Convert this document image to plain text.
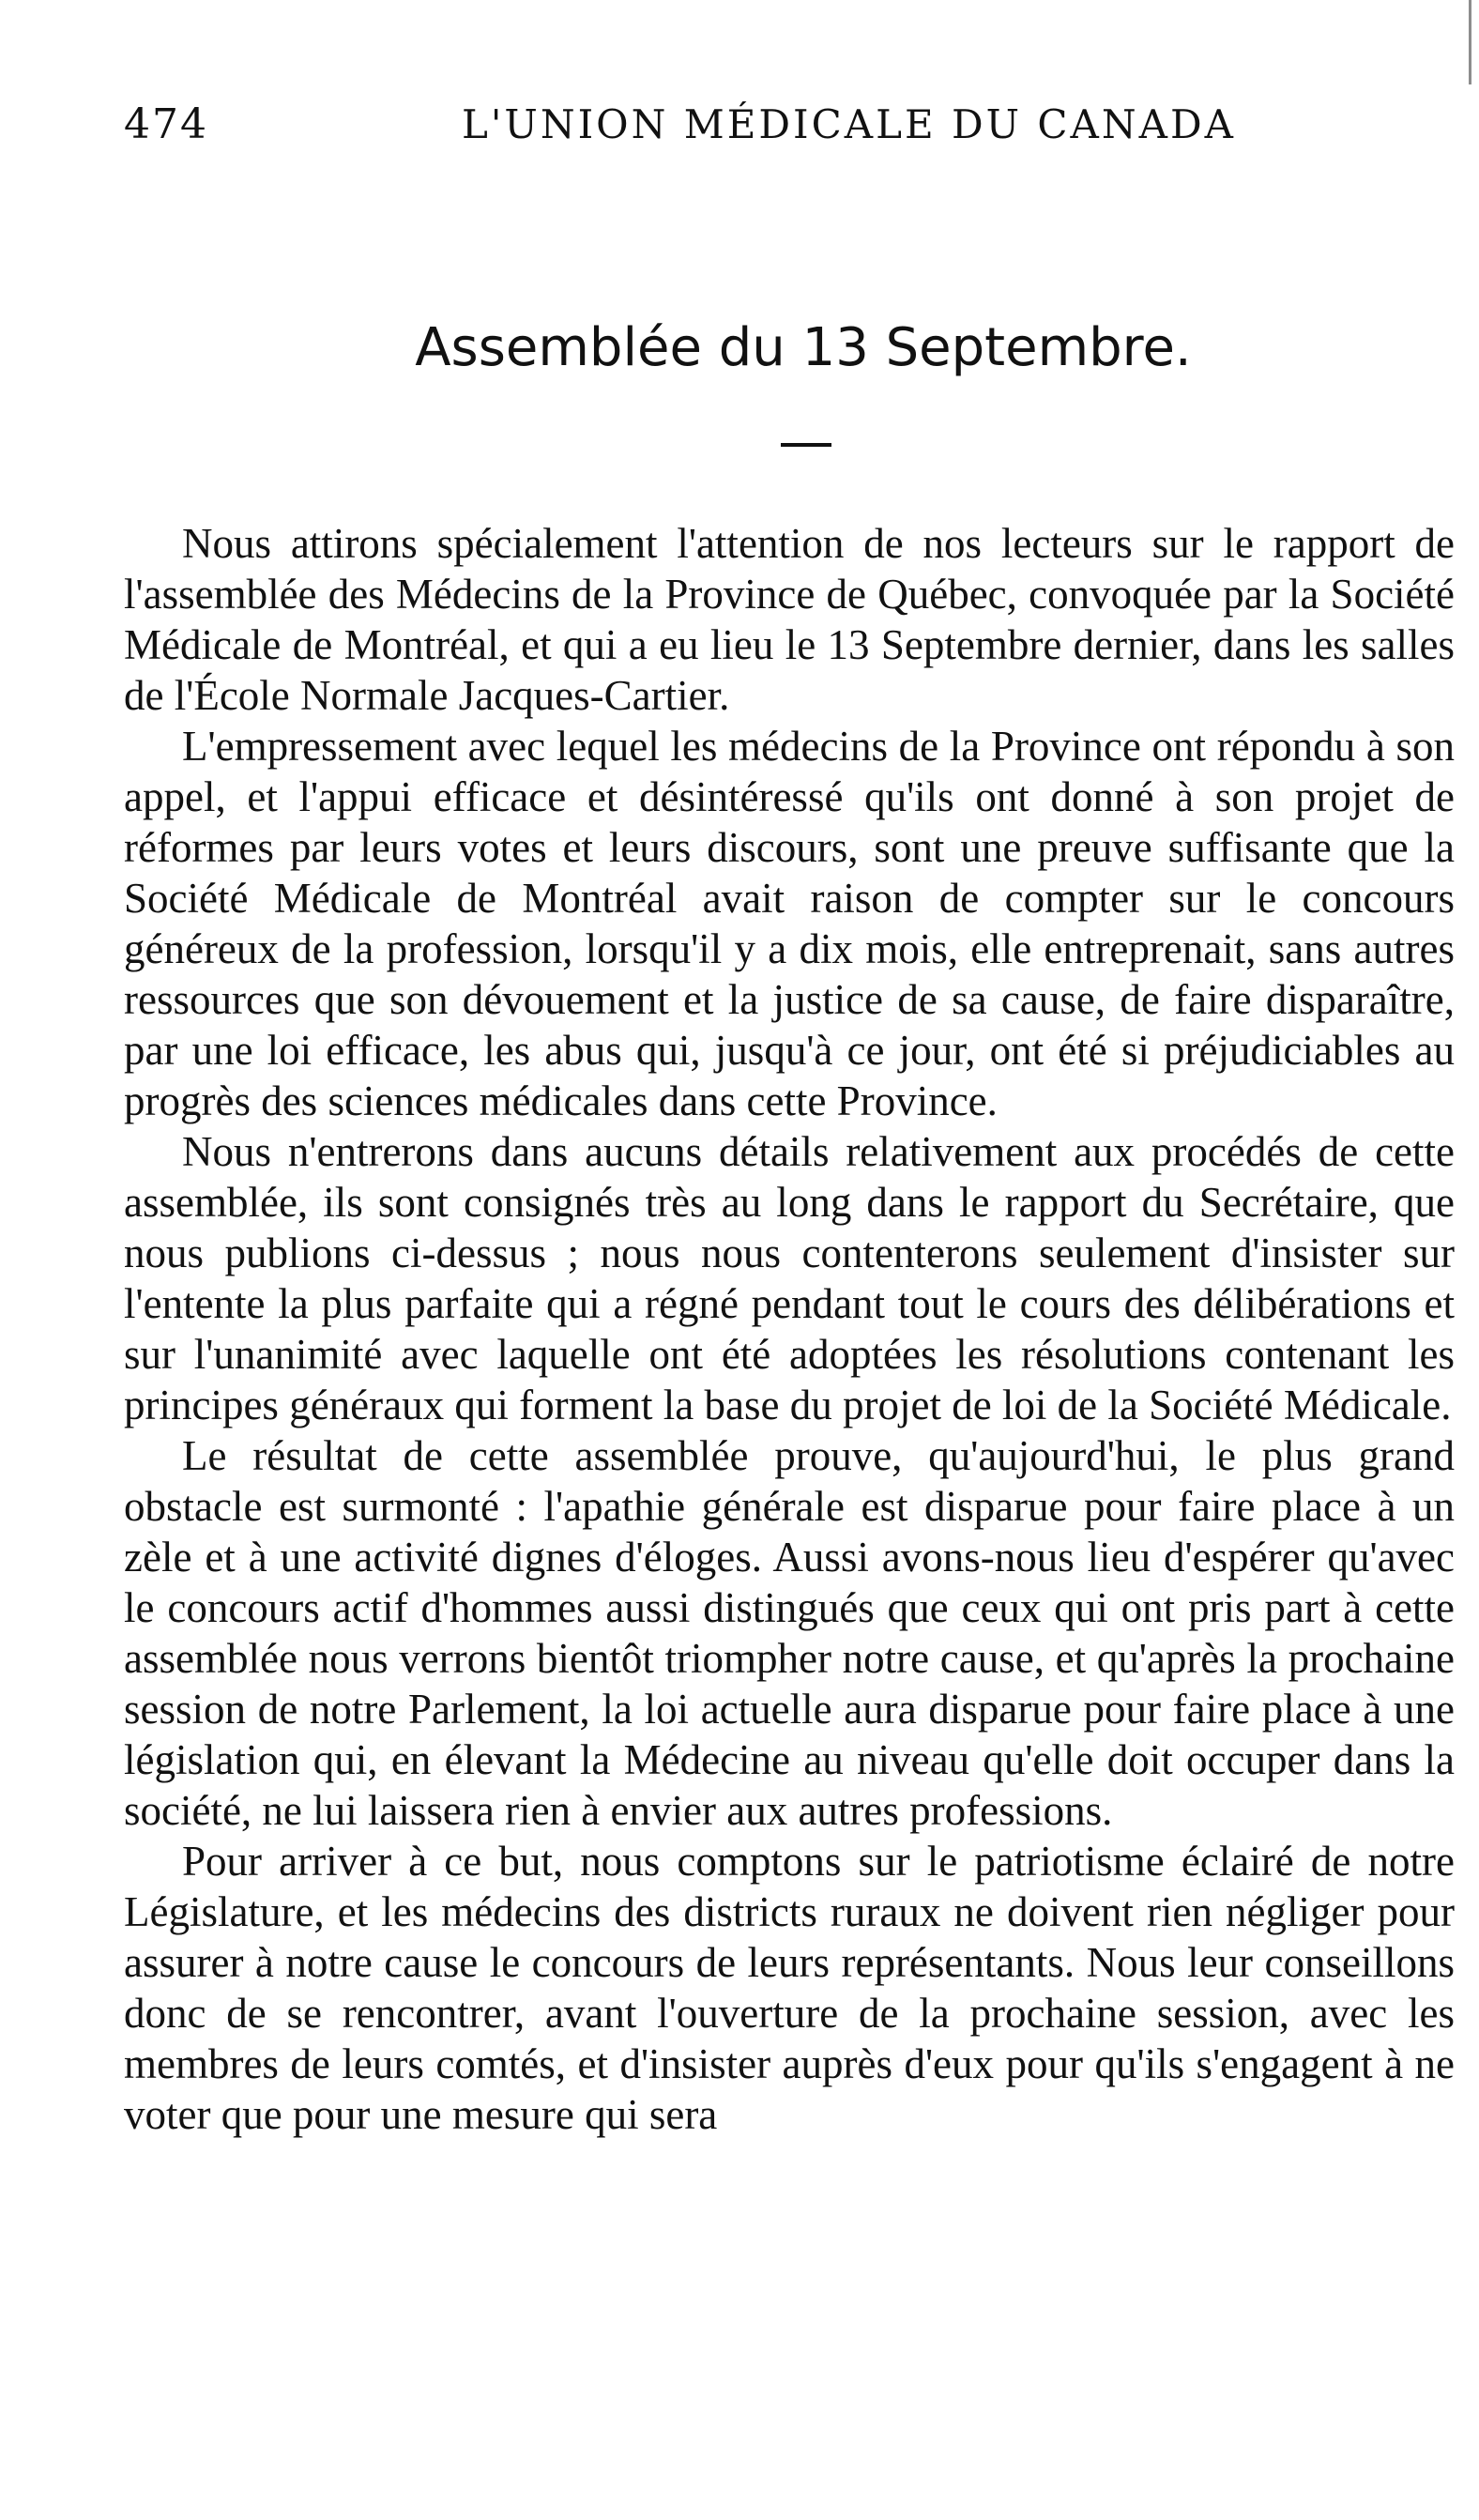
474	L'UNION MÉDICALE DU CANADA
Assemblée du 13 Septembre.

Nous attirons spécialement l'attention de nos lecteurs sur le rapport de l'assemblée des Médecins de la Province de Québec, convoquée par la Société Médicale de Montréal, et qui a eu lieu le 13 Septembre dernier, dans les salles de l'École Normale Jacques-Cartier.

L'empressement avec lequel les médecins de la Province ont répondu à son appel, et l'appui efficace et désintéressé qu'ils ont donné à son projet de réformes par leurs votes et leurs discours, sont une preuve suffisante que la Société Médicale de Montréal avait raison de compter sur le concours généreux de la profession, lorsqu'il y a dix mois, elle entreprenait, sans autres ressources que son dévouement et la justice de sa cause, de faire disparaître, par une loi efficace, les abus qui, jusqu'à ce jour, ont été si préjudiciables au progrès des sciences médicales dans cette Province.

Nous n'entrerons dans aucuns détails relativement aux procédés de cette assemblée, ils sont consignés très au long dans le rapport du Secrétaire, que nous publions ci-dessus ; nous nous contenterons seulement d'insister sur l'entente la plus parfaite qui a régné pendant tout le cours des délibérations et sur l'unanimité avec laquelle ont été adoptées les résolutions contenant les principes généraux qui forment la base du projet de loi de la Société Médicale.

Le résultat de cette assemblée prouve, qu'aujourd'hui, le plus grand obstacle est surmonté : l'apathie générale est disparue pour faire place à un zèle et à une activité dignes d'éloges. Aussi avons-nous lieu d'espérer qu'avec le concours actif d'hommes aussi distingués que ceux qui ont pris part à cette assemblée nous verrons bientôt triompher notre cause, et qu'après la prochaine session de notre Parlement, la loi actuelle aura disparue pour faire place à une législation qui, en élevant la Médecine au niveau qu'elle doit occuper dans la société, ne lui laissera rien à envier aux autres professions.

Pour arriver à ce but, nous comptons sur le patriotisme éclairé de notre Législature, et les médecins des districts ruraux ne doivent rien négliger pour assurer à notre cause le concours de leurs représentants. Nous leur conseillons donc de se rencontrer, avant l'ouverture de la prochaine session, avec les membres de leurs comtés, et d'insister auprès d'eux pour qu'ils s'engagent à ne voter que pour une mesure qui sera
